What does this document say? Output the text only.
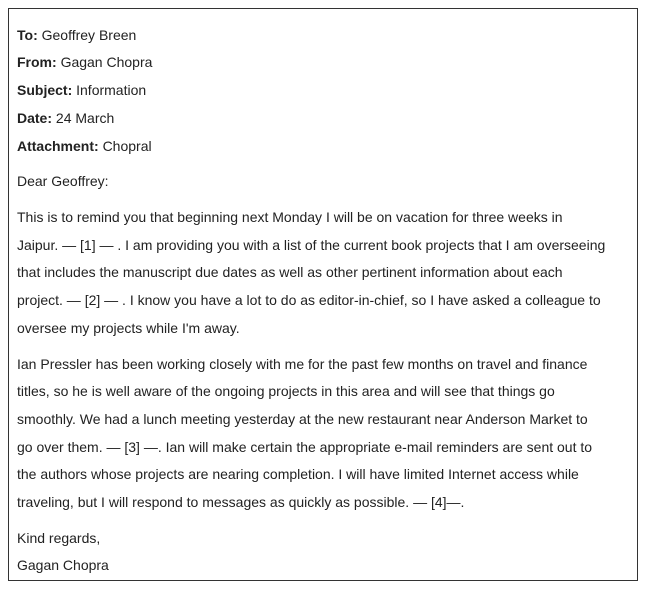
To: Geoffrey Breen
From: Gagan Chopra
Subject: Information
Date: 24 March
Attachment: Chopral
Dear Geoffrey:
This is to remind you that beginning next Monday I will be on vacation for three weeks in
Jaipur. — [1] — . I am providing you with a list of the current book projects that I am overseeing
that includes the manuscript due dates as well as other pertinent information about each
project. — [2] — . I know you have a lot to do as editor-in-chief, so I have asked a colleague to
oversee my projects while I'm away.
Ian Pressler has been working closely with me for the past few months on travel and finance
titles, so he is well aware of the ongoing projects in this area and will see that things go
smoothly. We had a lunch meeting yesterday at the new restaurant near Anderson Market to
go over them. — [3] —. Ian will make certain the appropriate e-mail reminders are sent out to
the authors whose projects are nearing completion. I will have limited Internet access while
traveling, but I will respond to messages as quickly as possible. — [4]—.
Kind regards,
Gagan Chopra
